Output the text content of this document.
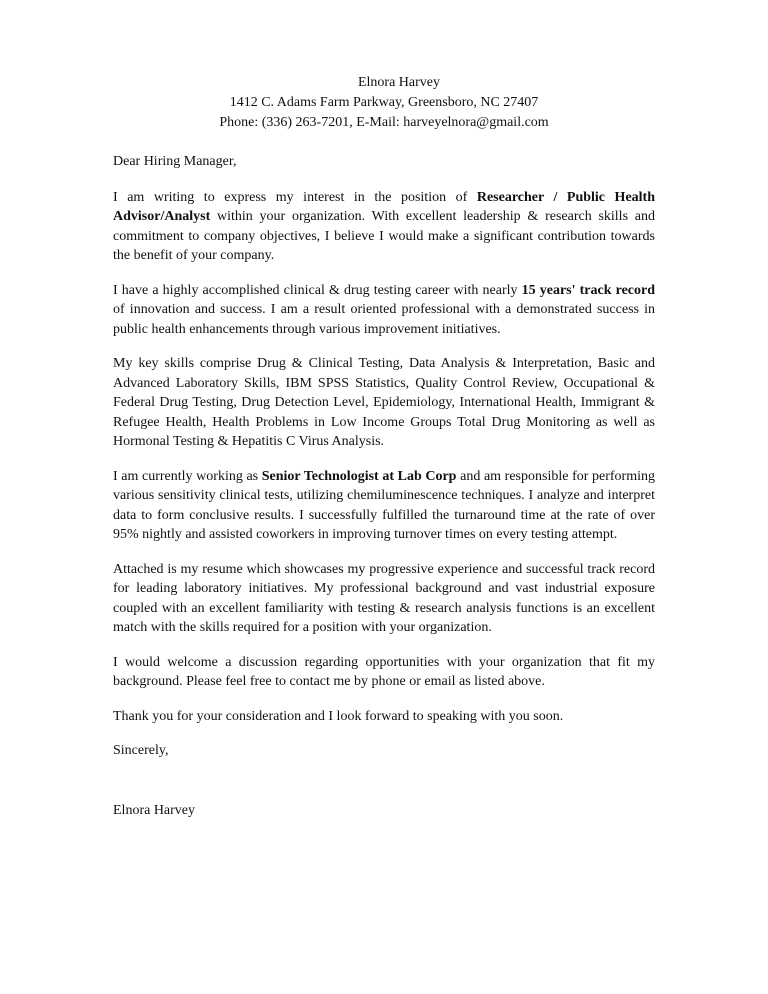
Elnora Harvey
1412 C. Adams Farm Parkway, Greensboro, NC 27407
Phone: (336) 263-7201, E-Mail: harveyelnora@gmail.com

Dear Hiring Manager,

I am writing to express my interest in the position of Researcher / Public Health Advisor/Analyst within your organization. With excellent leadership & research skills and commitment to company objectives, I believe I would make a significant contribution towards the benefit of your company.

I have a highly accomplished clinical & drug testing career with nearly 15 years' track record of innovation and success. I am a result oriented professional with a demonstrated success in public health enhancements through various improvement initiatives.

My key skills comprise Drug & Clinical Testing, Data Analysis & Interpretation, Basic and Advanced Laboratory Skills, IBM SPSS Statistics, Quality Control Review, Occupational & Federal Drug Testing, Drug Detection Level, Epidemiology, International Health, Immigrant & Refugee Health, Health Problems in Low Income Groups Total Drug Monitoring as well as Hormonal Testing & Hepatitis C Virus Analysis.

I am currently working as Senior Technologist at Lab Corp and am responsible for performing various sensitivity clinical tests, utilizing chemiluminescence techniques. I analyze and interpret data to form conclusive results. I successfully fulfilled the turnaround time at the rate of over 95% nightly and assisted coworkers in improving turnover times on every testing attempt.

Attached is my resume which showcases my progressive experience and successful track record for leading laboratory initiatives. My professional background and vast industrial exposure coupled with an excellent familiarity with testing & research analysis functions is an excellent match with the skills required for a position with your organization.

I would welcome a discussion regarding opportunities with your organization that fit my background. Please feel free to contact me by phone or email as listed above.

Thank you for your consideration and I look forward to speaking with you soon.

Sincerely,

Elnora Harvey
